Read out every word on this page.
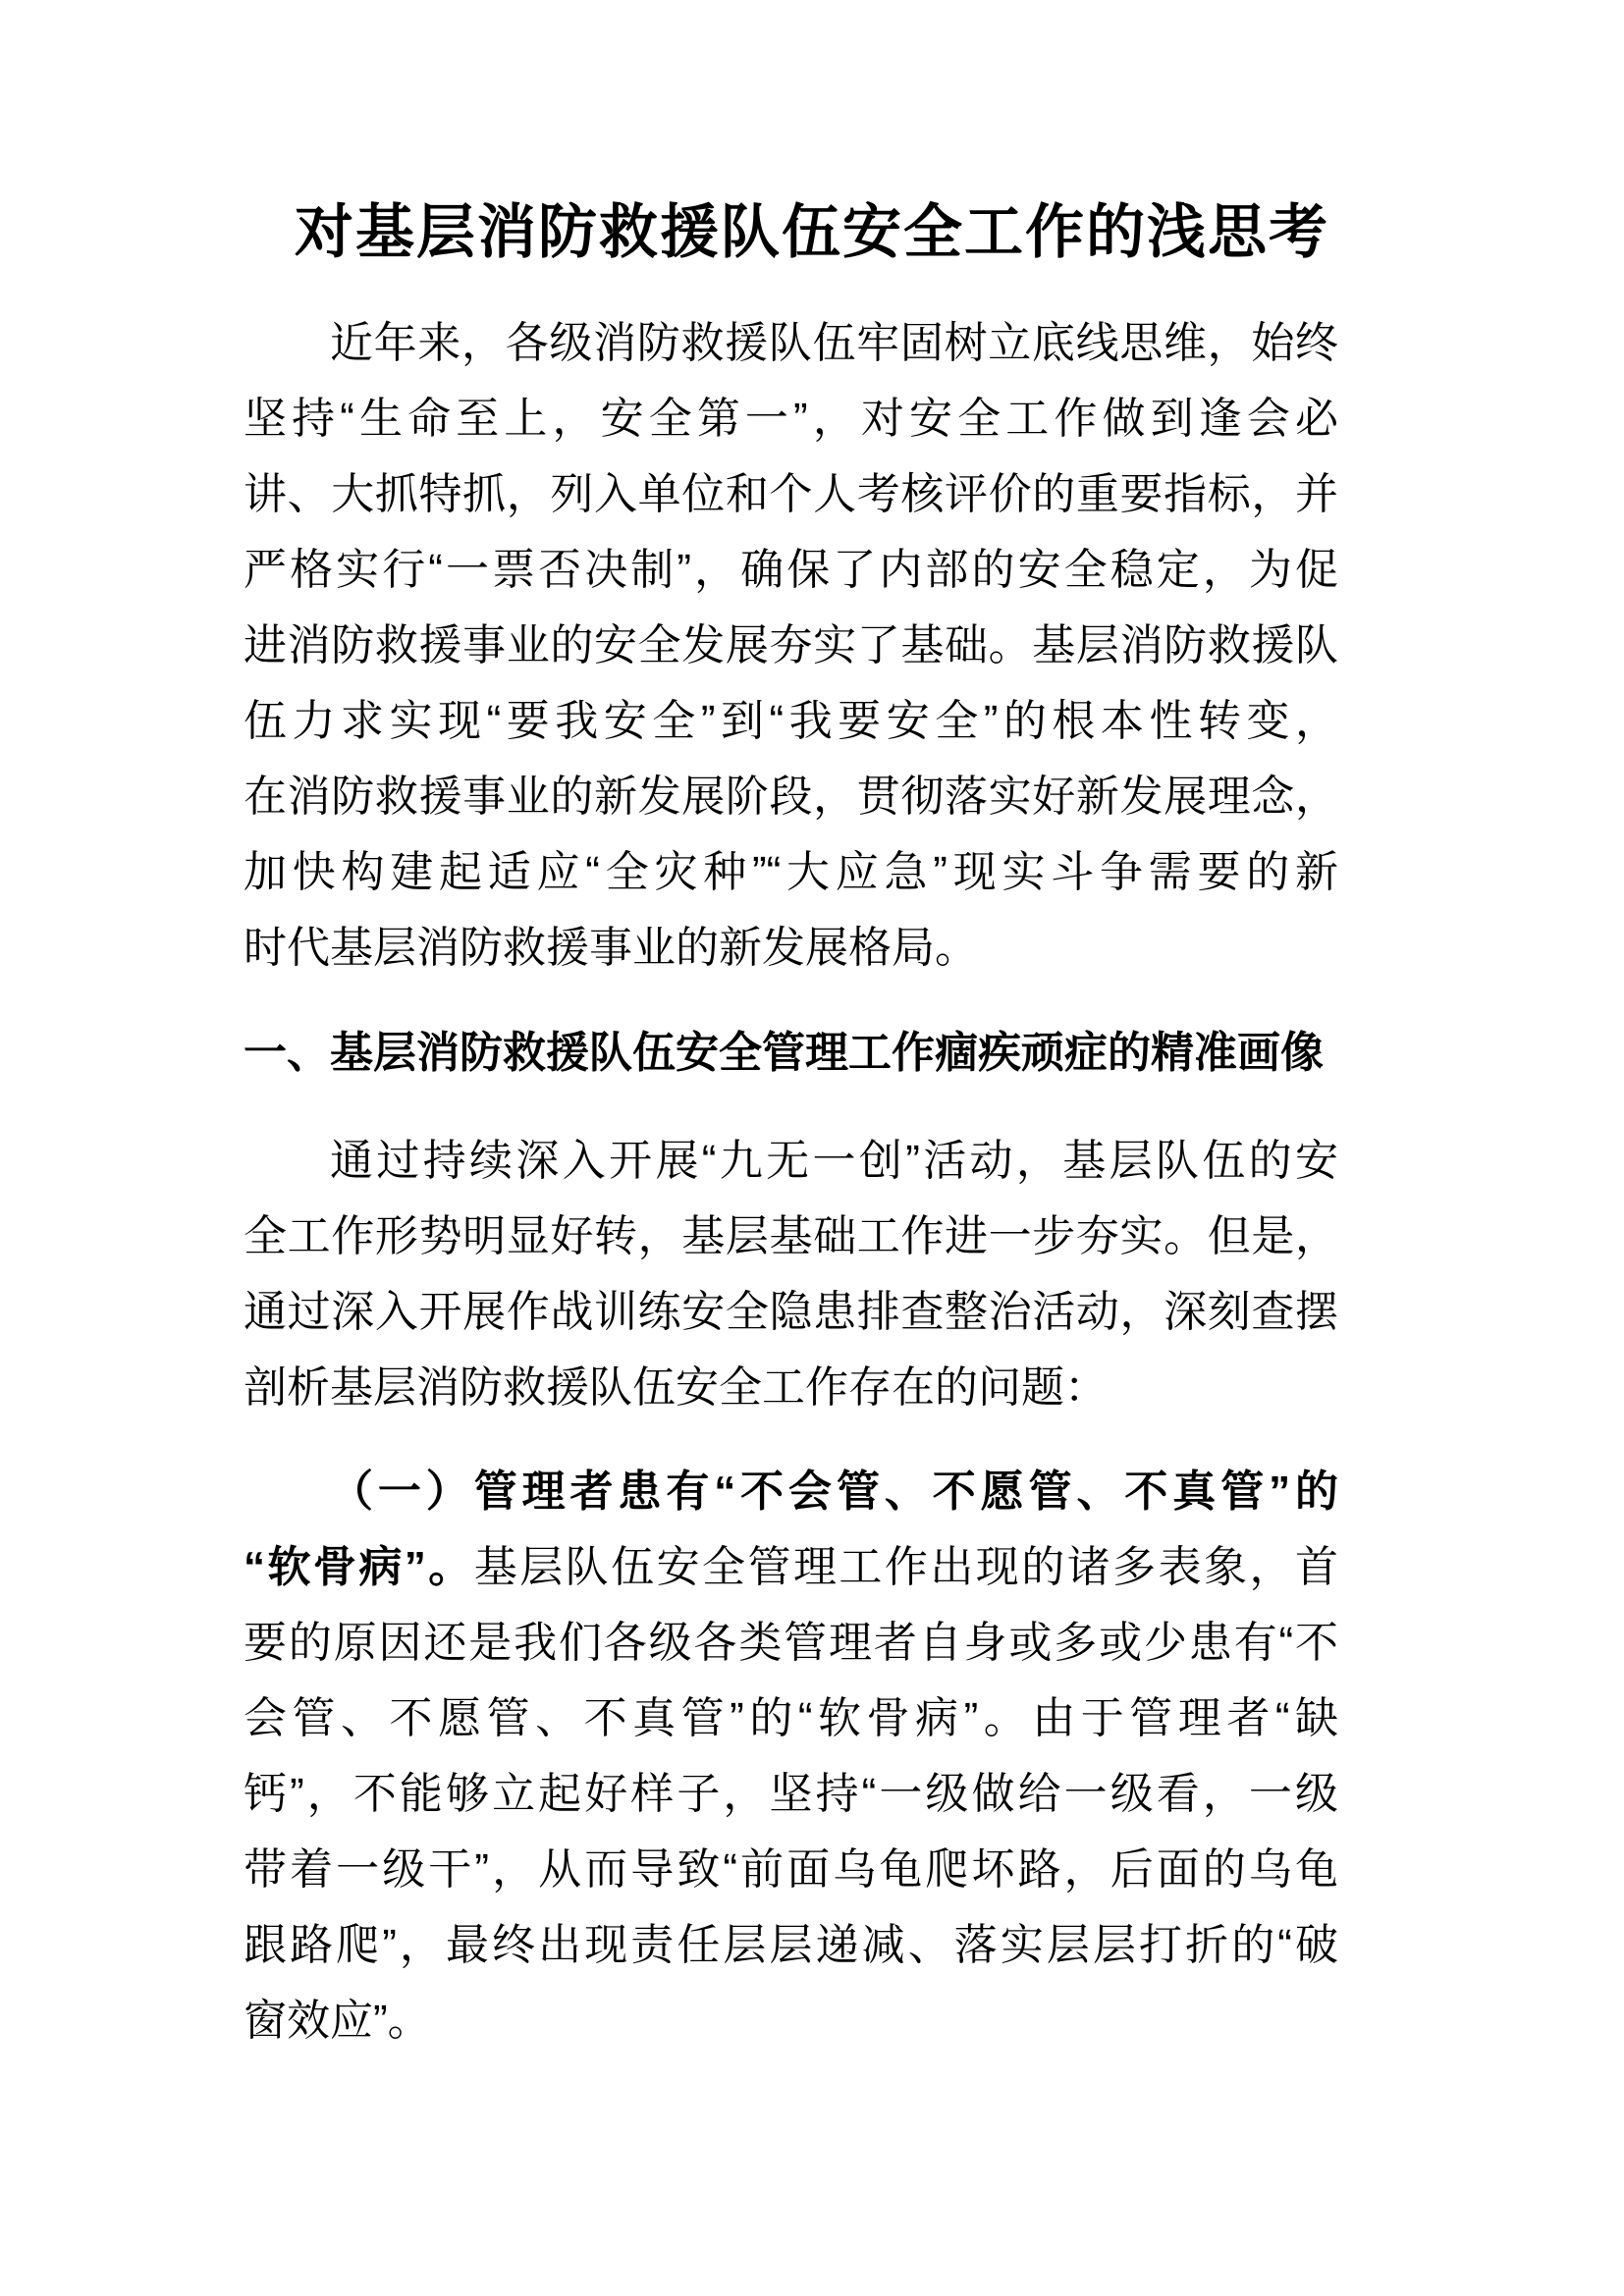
对基层消防救援队伍安全工作的浅思考
近年来，各级消防救援队伍牢固树立底线思维，始终
坚持“生命至上，安全第一”，对安全工作做到逢会必
讲、大抓特抓，列入单位和个人考核评价的重要指标，并
严格实行“一票否决制”，确保了内部的安全稳定，为促
进消防救援事业的安全发展夯实了基础。基层消防救援队
伍力求实现“要我安全”到“我要安全”的根本性转变，
在消防救援事业的新发展阶段，贯彻落实好新发展理念，
加快构建起适应“全灾种”“大应急”现实斗争需要的新
时代基层消防救援事业的新发展格局。
一、基层消防救援队伍安全管理工作痼疾顽症的精准画像
通过持续深入开展“九无一创”活动，基层队伍的安
全工作形势明显好转，基层基础工作进一步夯实。但是，
通过深入开展作战训练安全隐患排查整治活动，深刻查摆
剖析基层消防救援队伍安全工作存在的问题：
（一）管理者患有“不会管、不愿管、不真管”的
“软骨病”。基层队伍安全管理工作出现的诸多表象，首
要的原因还是我们各级各类管理者自身或多或少患有“不
会管、不愿管、不真管”的“软骨病”。由于管理者“缺
钙”，不能够立起好样子，坚持“一级做给一级看，一级
带着一级干”，从而导致“前面乌龟爬坏路，后面的乌龟
跟路爬”，最终出现责任层层递减、落实层层打折的“破
窗效应”。
